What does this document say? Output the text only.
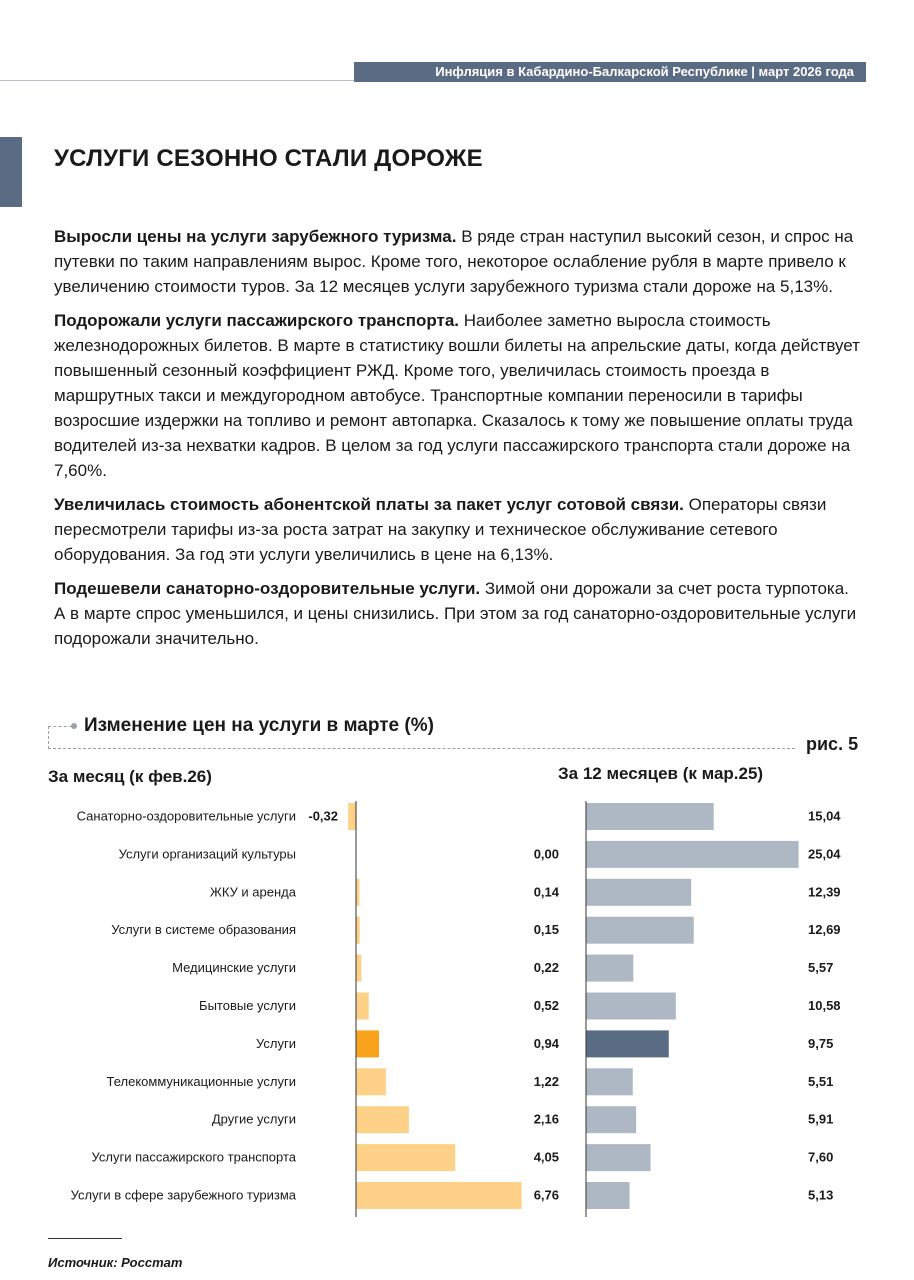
Инфляция в Кабардино-Балкарской Республике | март 2026 года
УСЛУГИ СЕЗОННО СТАЛИ ДОРОЖЕ

Выросли цены на услуги зарубежного туризма. В ряде стран наступил высокий сезон, и спрос на путевки по таким направлениям вырос. Кроме того, некоторое ослабление рубля в марте привело к увеличению стоимости туров. За 12 месяцев услуги зарубежного туризма стали дороже на 5,13%.

Подорожали услуги пассажирского транспорта. Наиболее заметно выросла стоимость железнодорожных билетов. В марте в статистику вошли билеты на апрельские даты, когда действует повышенный сезонный коэффициент РЖД. Кроме того, увеличилась стоимость проезда в маршрутных такси и междугородном автобусе. Транспортные компании переносили в тарифы возросшие издержки на топливо и ремонт автопарка. Сказалось к тому же повышение оплаты труда водителей из-за нехватки кадров. В целом за год услуги пассажирского транспорта стали дороже на 7,60%.

Увеличилась стоимость абонентской платы за пакет услуг сотовой связи. Операторы связи пересмотрели тарифы из-за роста затрат на закупку и техническое обслуживание сетевого оборудования. За год эти услуги увеличились в цене на 6,13%.

Подешевели санаторно-оздоровительные услуги. Зимой они дорожали за счет роста турпотока. А в марте спрос уменьшился, и цены снизились. При этом за год санаторно-оздоровительные услуги подорожали значительно.

Изменение цен на услуги в марте (%)
рис. 5
За месяц (к фев.26)	За 12 месяцев (к мар.25)
Санаторно-оздоровительные услуги -0,32	15,04
Услуги организаций культуры	0,00	25,04
ЖКУ и аренда	0,14	12,39
Услуги в системе образования	0,15	12,69
Медицинские услуги	0,22	5,57
Бытовые услуги	0,52	10,58
Услуги	0,94	9,75
Телекоммуникационные услуги	1,22	5,51
Другие услуги	2,16	5,91
Услуги пассажирского транспорта	4,05	7,60
Услуги в сфере зарубежного туризма	6,76	5,13
Источник: Росстат
